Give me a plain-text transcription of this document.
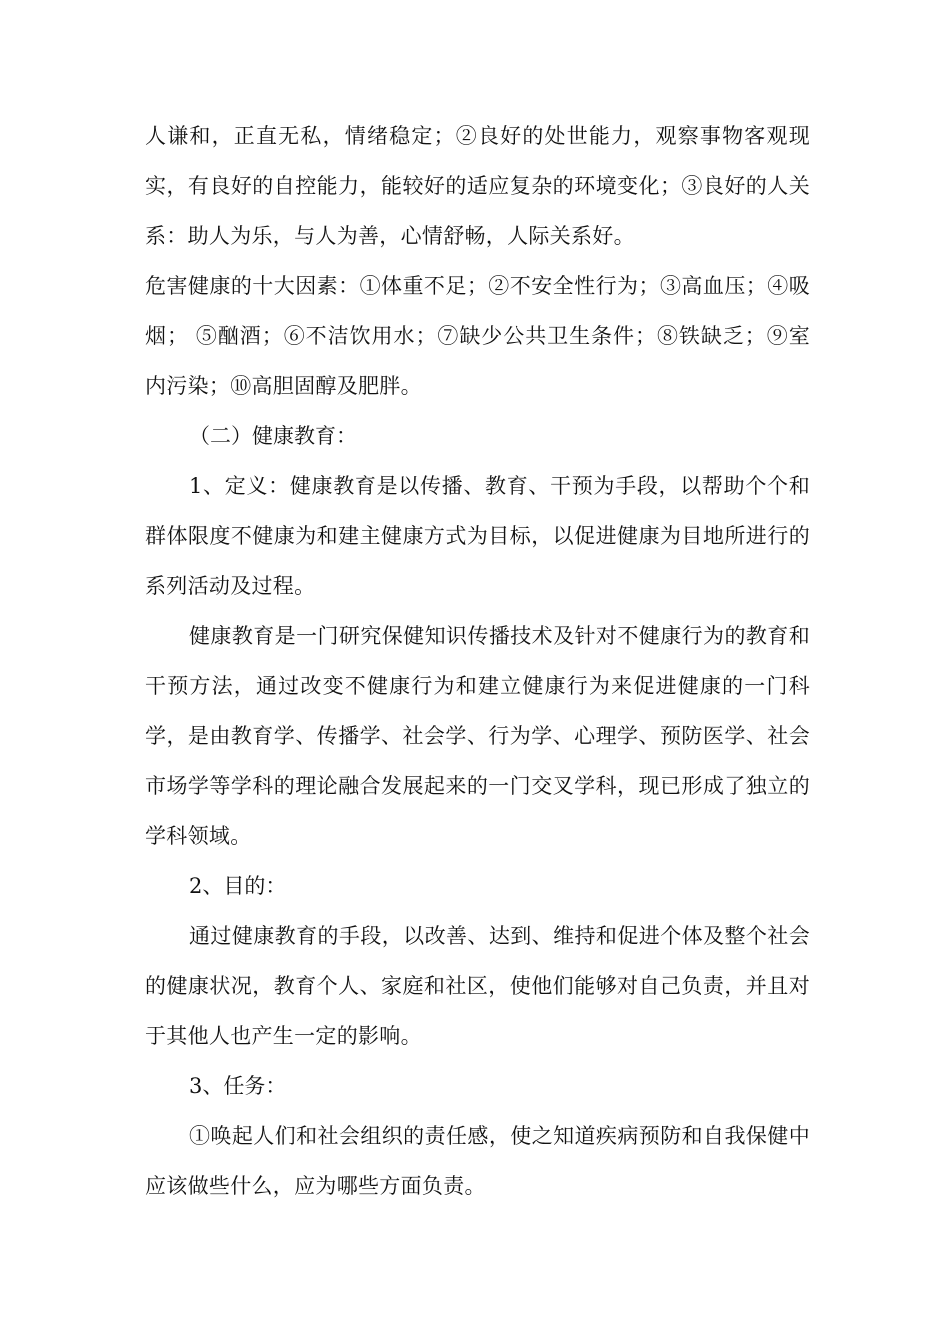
人谦和，正直无私，情绪稳定；②良好的处世能力，观察事物客观现实，有良好的自控能力，能较好的适应复杂的环境变化；③良好的人关系：助人为乐，与人为善，心情舒畅，人际关系好。

危害健康的十大因素：①体重不足；②不安全性行为；③高血压；④吸烟； ⑤酗酒；⑥不洁饮用水；⑦缺少公共卫生条件；⑧铁缺乏；⑨室内污染；⑩高胆固醇及肥胖。

（二）健康教育：

1、定义：健康教育是以传播、教育、干预为手段，以帮助个个和群体限度不健康为和建主健康方式为目标，以促进健康为目地所进行的系列活动及过程。

健康教育是一门研究保健知识传播技术及针对不健康行为的教育和干预方法，通过改变不健康行为和建立健康行为来促进健康的一门科学，是由教育学、传播学、社会学、行为学、心理学、预防医学、社会市场学等学科的理论融合发展起来的一门交叉学科，现已形成了独立的学科领域。

2、目的：

通过健康教育的手段，以改善、达到、维持和促进个体及整个社会的健康状况，教育个人、家庭和社区，使他们能够对自己负责，并且对于其他人也产生一定的影响。

3、任务：

①唤起人们和社会组织的责任感，使之知道疾病预防和自我保健中应该做些什么，应为哪些方面负责。
